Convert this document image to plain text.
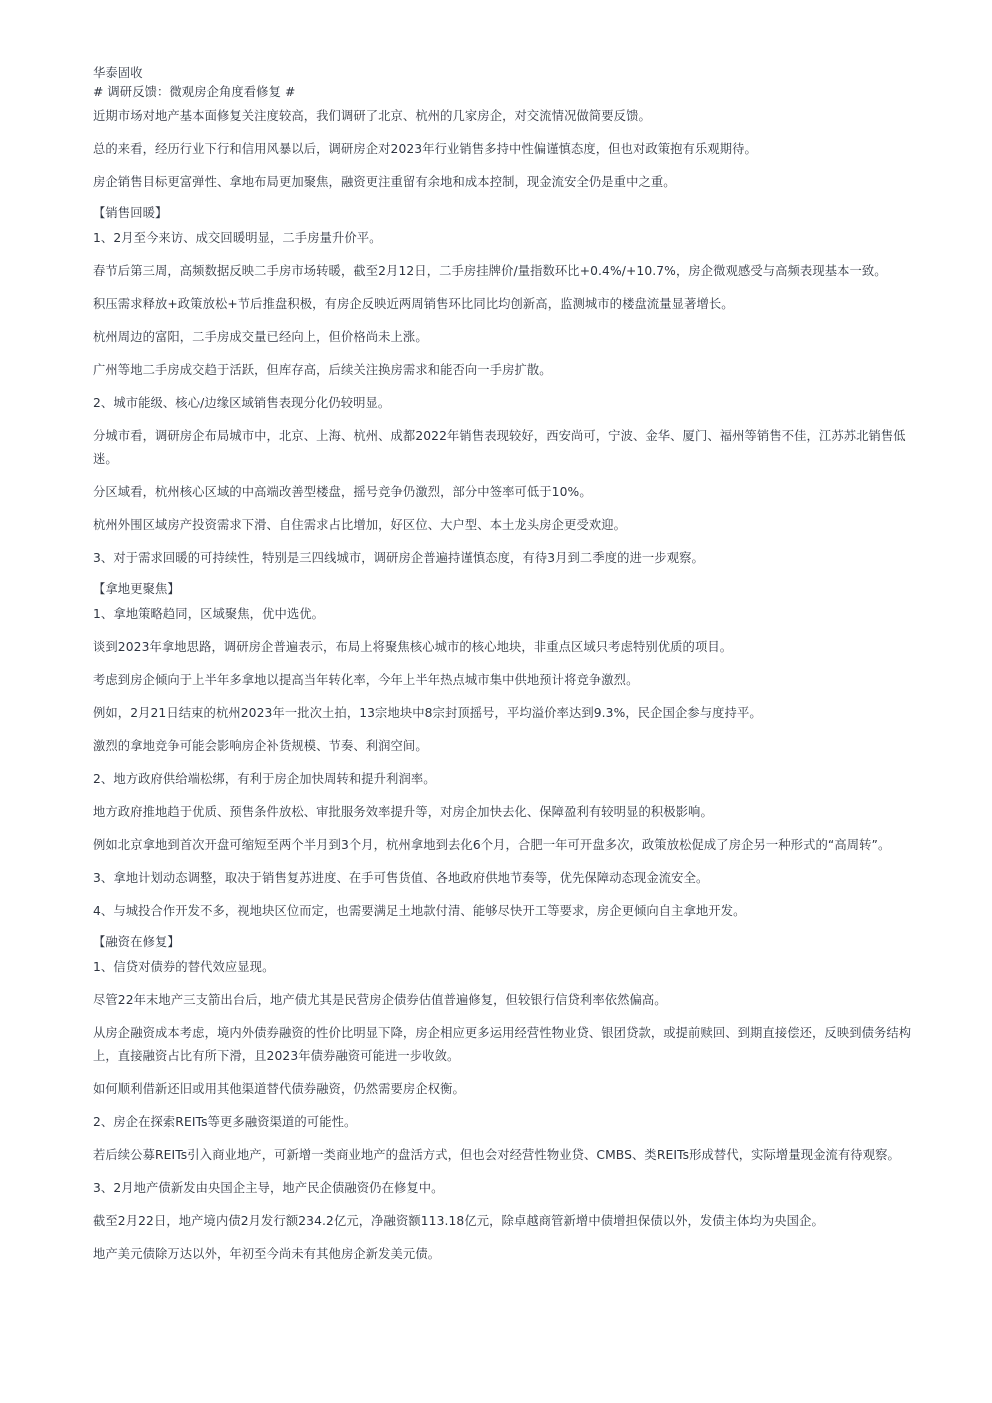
华泰固收

# 调研反馈：微观房企角度看修复 #

近期市场对地产基本面修复关注度较高，我们调研了北京、杭州的几家房企，对交流情况做简要反馈。

总的来看，经历行业下行和信用风暴以后，调研房企对2023年行业销售多持中性偏谨慎态度，但也对政策抱有乐观期待。

房企销售目标更富弹性、拿地布局更加聚焦，融资更注重留有余地和成本控制，现金流安全仍是重中之重。

【销售回暖】

1、2月至今来访、成交回暖明显，二手房量升价平。

春节后第三周，高频数据反映二手房市场转暖，截至2月12日，二手房挂牌价/量指数环比+0.4%/+10.7%，房企微观感受与高频表现基本一致。

积压需求释放+政策放松+节后推盘积极，有房企反映近两周销售环比同比均创新高，监测城市的楼盘流量显著增长。

杭州周边的富阳，二手房成交量已经向上，但价格尚未上涨。

广州等地二手房成交趋于活跃，但库存高，后续关注换房需求和能否向一手房扩散。

2、城市能级、核心/边缘区域销售表现分化仍较明显。

分城市看，调研房企布局城市中，北京、上海、杭州、成都2022年销售表现较好，西安尚可，宁波、金华、厦门、福州等销售不佳，江苏苏北销售低迷。

分区域看，杭州核心区域的中高端改善型楼盘，摇号竞争仍激烈，部分中签率可低于10%。

杭州外围区域房产投资需求下滑、自住需求占比增加，好区位、大户型、本土龙头房企更受欢迎。

3、对于需求回暖的可持续性，特别是三四线城市，调研房企普遍持谨慎态度，有待3月到二季度的进一步观察。

【拿地更聚焦】

1、拿地策略趋同，区域聚焦，优中选优。

谈到2023年拿地思路，调研房企普遍表示，布局上将聚焦核心城市的核心地块，非重点区域只考虑特别优质的项目。

考虑到房企倾向于上半年多拿地以提高当年转化率，今年上半年热点城市集中供地预计将竞争激烈。

例如，2月21日结束的杭州2023年一批次土拍，13宗地块中8宗封顶摇号，平均溢价率达到9.3%，民企国企参与度持平。

激烈的拿地竞争可能会影响房企补货规模、节奏、利润空间。

2、地方政府供给端松绑，有利于房企加快周转和提升利润率。

地方政府推地趋于优质、预售条件放松、审批服务效率提升等，对房企加快去化、保障盈利有较明显的积极影响。

例如北京拿地到首次开盘可缩短至两个半月到3个月，杭州拿地到去化6个月，合肥一年可开盘多次，政策放松促成了房企另一种形式的“高周转”。

3、拿地计划动态调整，取决于销售复苏进度、在手可售货值、各地政府供地节奏等，优先保障动态现金流安全。

4、与城投合作开发不多，视地块区位而定，也需要满足土地款付清、能够尽快开工等要求，房企更倾向自主拿地开发。

【融资在修复】

1、信贷对债券的替代效应显现。

尽管22年末地产三支箭出台后，地产债尤其是民营房企债券估值普遍修复，但较银行信贷利率依然偏高。

从房企融资成本考虑，境内外债券融资的性价比明显下降，房企相应更多运用经营性物业贷、银团贷款，或提前赎回、到期直接偿还，反映到债务结构上，直接融资占比有所下滑，且2023年债券融资可能进一步收敛。

如何顺利借新还旧或用其他渠道替代债券融资，仍然需要房企权衡。

2、房企在探索REITs等更多融资渠道的可能性。

若后续公募REITs引入商业地产，可新增一类商业地产的盘活方式，但也会对经营性物业贷、CMBS、类REITs形成替代，实际增量现金流有待观察。

3、2月地产债新发由央国企主导，地产民企债融资仍在修复中。

截至2月22日，地产境内债2月发行额234.2亿元，净融资额113.18亿元，除卓越商管新增中债增担保债以外，发债主体均为央国企。

地产美元债除万达以外，年初至今尚未有其他房企新发美元债。
